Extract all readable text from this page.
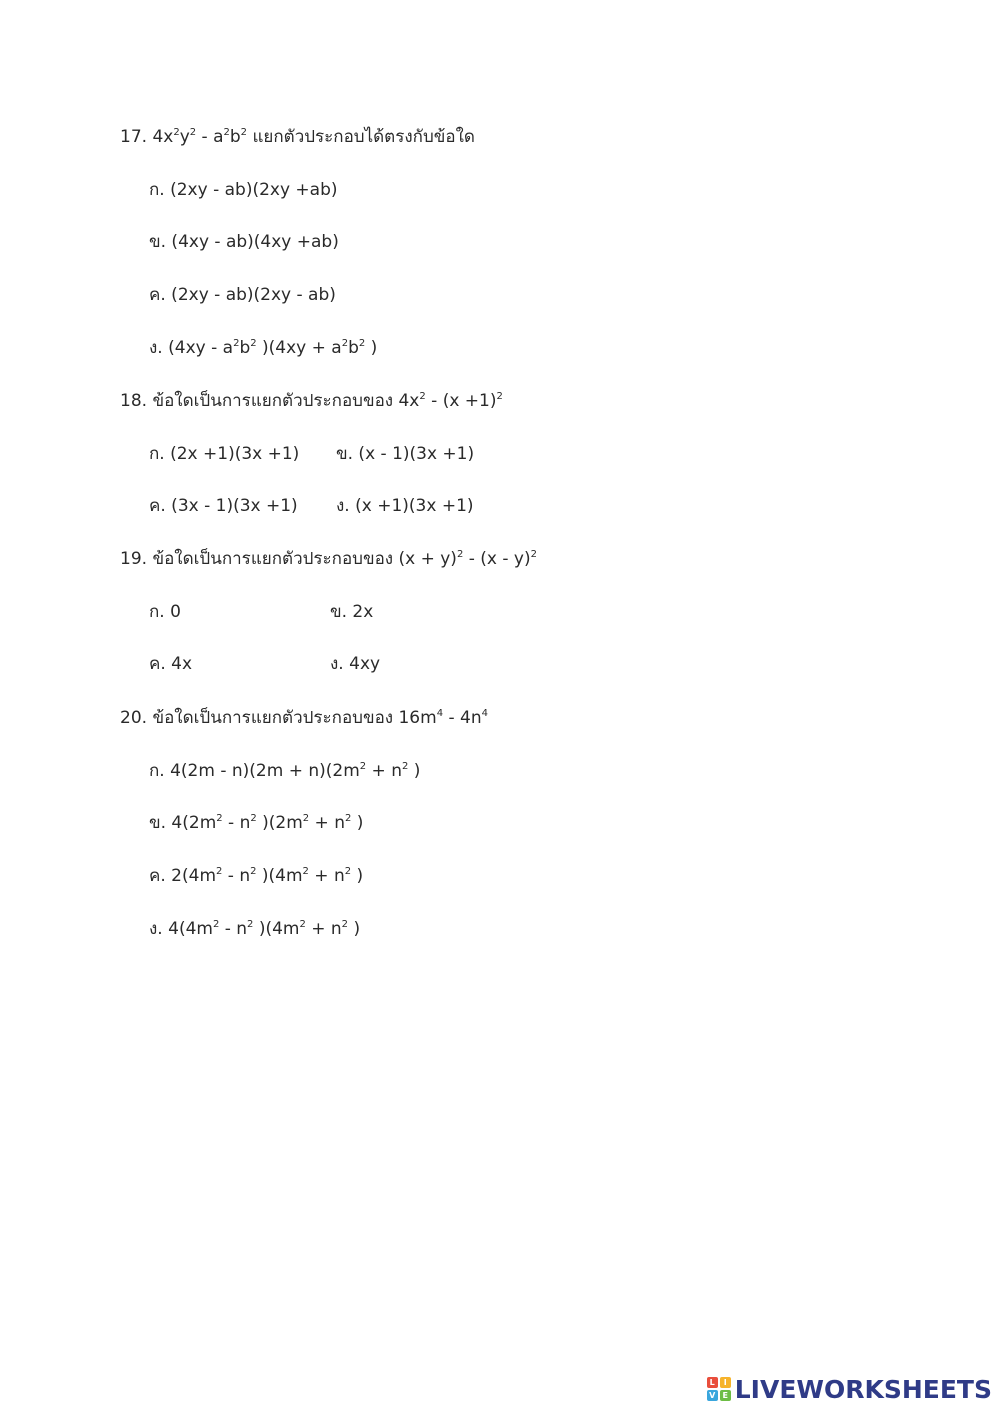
17. $4x^2y^2 - a^2b^2$ แยกตัวประกอบได้ตรงกับข้อใด
ก. (2xy - ab)(2xy +ab)
ข. (4xy - ab)(4xy +ab)
ค. (2xy - ab)(2xy - ab)
ง. ($4xy - a^2b^2$ )($4xy + a^2b^2$ )
18. ข้อใดเป็นการแยกตัวประกอบของ $4x^2 - (x +1)^2$
ก. (2x +1)(3x +1) ข. (x - 1)(3x +1)
ค. (3x - 1)(3x +1) ง. (x +1)(3x +1)
19. ข้อใดเป็นการแยกตัวประกอบของ $(x + y)^2 - (x - y)^2$
ก. 0	ข. 2x
ค. 4x	ง. 4xy
20. ข้อใดเป็นการแยกตัวประกอบของ $16m^4 - 4n^4$
ก. $4(2m - n)(2m + n)(2m^2 + n^2$ )
ข. $4(2m^2 - n^2$ )($2m^2 + n^2$ )
ค. $2(4m^2 - n^2$ )($4m^2 + n^2$ )
ง. $4(4m^2 - n^2$ )($4m^2 + n^2$ )
L	I
V E LIVEWORKSHEETS
